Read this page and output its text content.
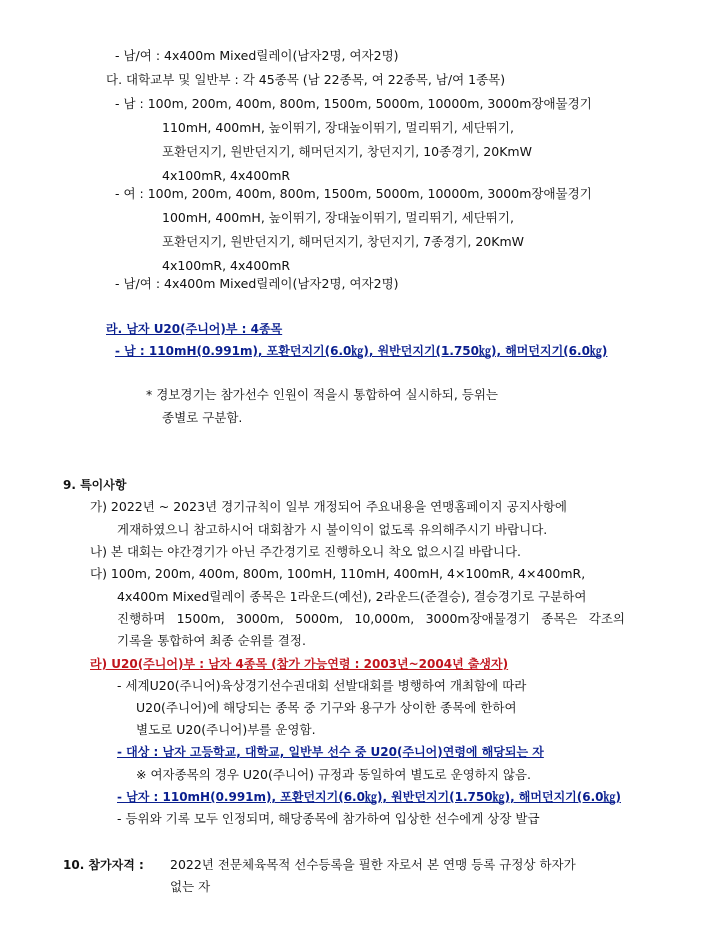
- 남/여 : 4x400m Mixed릴레이(남자2명, 여자2명)
다. 대학교부 및 일반부 : 각 45종목 (남 22종목, 여 22종목, 남/여 1종목)
- 남 : 100m, 200m, 400m, 800m, 1500m, 5000m, 10000m, 3000m장애물경기
110mH, 400mH, 높이뛰기, 장대높이뛰기, 멀리뛰기, 세단뛰기,
포환던지기, 원반던지기, 해머던지기, 창던지기, 10종경기, 20KmW
4x100mR, 4x400mR
- 여 : 100m, 200m, 400m, 800m, 1500m, 5000m, 10000m, 3000m장애물경기
100mH, 400mH, 높이뛰기, 장대높이뛰기, 멀리뛰기, 세단뛰기,
포환던지기, 원반던지기, 해머던지기, 창던지기, 7종경기, 20KmW
4x100mR, 4x400mR
- 남/여 : 4x400m Mixed릴레이(남자2명, 여자2명)
라. 남자 U20(주니어)부 : 4종목
- 남 : 110mH(0.991m), 포환던지기(6.0㎏), 원반던지기(1.750㎏), 해머던지기(6.0㎏)
* 경보경기는 참가선수 인원이 적을시 통합하여 실시하되, 등위는
종별로 구분함.
9. 특이사항
가) 2022년 ~ 2023년 경기규칙이 일부 개정되어 주요내용을 연맹홈페이지 공지사항에
게재하였으니 참고하시어 대회참가 시 불이익이 없도록 유의해주시기 바랍니다.
나) 본 대회는 야간경기가 아닌 주간경기로 진행하오니 착오 없으시길 바랍니다.
다) 100m, 200m, 400m, 800m, 100mH, 110mH, 400mH, 4×100mR, 4×400mR,
4x400m Mixed릴레이 종목은 1라운드(예선), 2라운드(준결승), 결승경기로 구분하여
진행하며 1500m, 3000m, 5000m, 10,000m, 3000m장애물경기 종목은 각조의
기록을 통합하여 최종 순위를 결정.
라) U20(주니어)부 : 남자 4종목 (참가 가능연령 : 2003년~2004년 출생자)
- 세계U20(주니어)육상경기선수권대회 선발대회를 병행하여 개최함에 따라
U20(주니어)에 해당되는 종목 중 기구와 용구가 상이한 종목에 한하여
별도로 U20(주니어)부를 운영함.
- 대상 : 남자 고등학교, 대학교, 일반부 선수 중 U20(주니어)연령에 해당되는 자
※ 여자종목의 경우 U20(주니어) 규정과 동일하여 별도로 운영하지 않음.
- 남자 : 110mH(0.991m), 포환던지기(6.0㎏), 원반던지기(1.750㎏), 해머던지기(6.0㎏)
- 등위와 기록 모두 인정되며, 해당종목에 참가하여 입상한 선수에게 상장 발급
10. 참가자격 : 2022년 전문체육목적 선수등록을 필한 자로서 본 연맹 등록 규정상 하자가
없는 자
